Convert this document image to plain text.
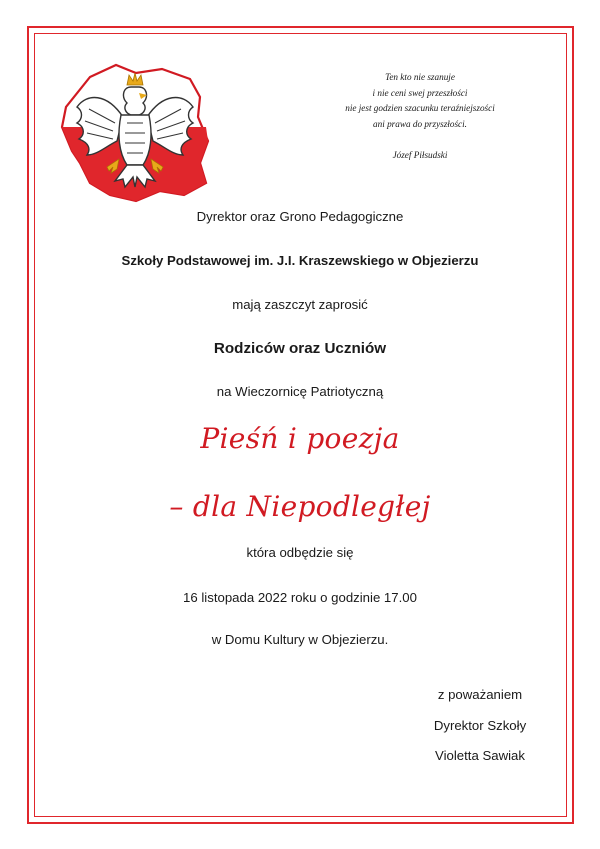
Ten kto nie szanuje
i nie ceni swej przeszłości
nie jest godzien szacunku teraźniejszości
ani prawa do przyszłości.
Józef Piłsudski
Dyrektor oraz Grono Pedagogiczne
Szkoły Podstawowej im. J.I. Kraszewskiego w Objezierzu
mają zaszczyt zaprosić
Rodziców oraz Uczniów
na Wieczornicę Patriotyczną
Pieśń i poezja
– dla Niepodległej
która odbędzie się
16 listopada 2022 roku o godzinie 17.00
w Domu Kultury w Objezierzu.
z poważaniem
Dyrektor Szkoły
Violetta Sawiak
